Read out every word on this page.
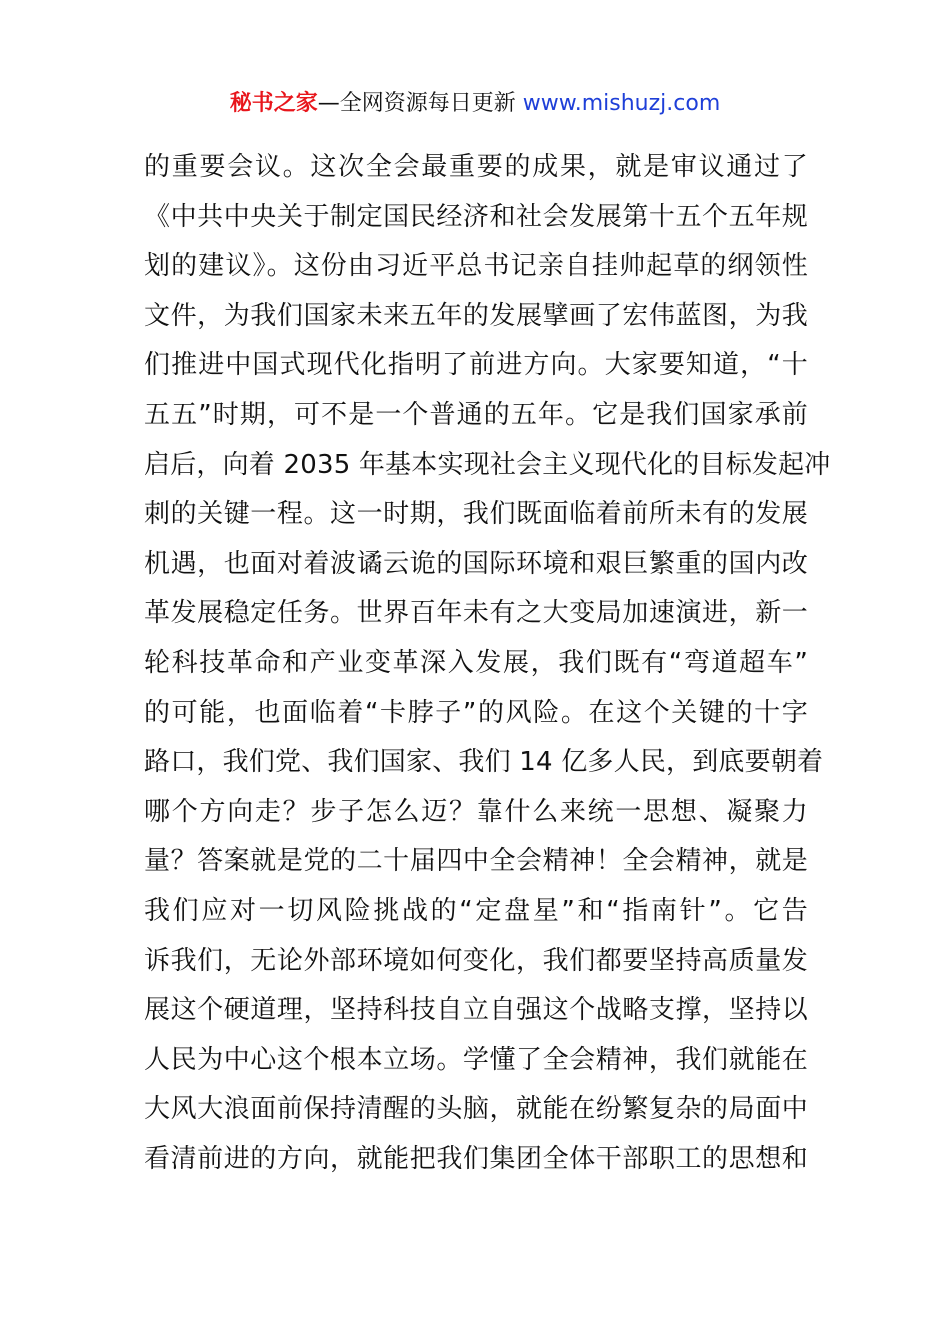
秘书之家—全网资源每日更新 www.mishuzj.com
的重要会议。这次全会最重要的成果，就是审议通过了
《中共中央关于制定国民经济和社会发展第十五个五年规
划的建议》。这份由习近平总书记亲自挂帅起草的纲领性
文件，为我们国家未来五年的发展擘画了宏伟蓝图，为我
们推进中国式现代化指明了前进方向。大家要知道，“十
五五”时期，可不是一个普通的五年。它是我们国家承前
启后，向着 2035 年基本实现社会主义现代化的目标发起冲
刺的关键一程。这一时期，我们既面临着前所未有的发展
机遇，也面对着波谲云诡的国际环境和艰巨繁重的国内改
革发展稳定任务。世界百年未有之大变局加速演进，新一
轮科技革命和产业变革深入发展，我们既有“弯道超车”
的可能，也面临着“卡脖子”的风险。在这个关键的十字
路口，我们党、我们国家、我们 14 亿多人民，到底要朝着
哪个方向走？步子怎么迈？靠什么来统一思想、凝聚力
量？答案就是党的二十届四中全会精神！全会精神，就是
我们应对一切风险挑战的“定盘星”和“指南针”。它告
诉我们，无论外部环境如何变化，我们都要坚持高质量发
展这个硬道理，坚持科技自立自强这个战略支撑，坚持以
人民为中心这个根本立场。学懂了全会精神，我们就能在
大风大浪面前保持清醒的头脑，就能在纷繁复杂的局面中
看清前进的方向，就能把我们集团全体干部职工的思想和
